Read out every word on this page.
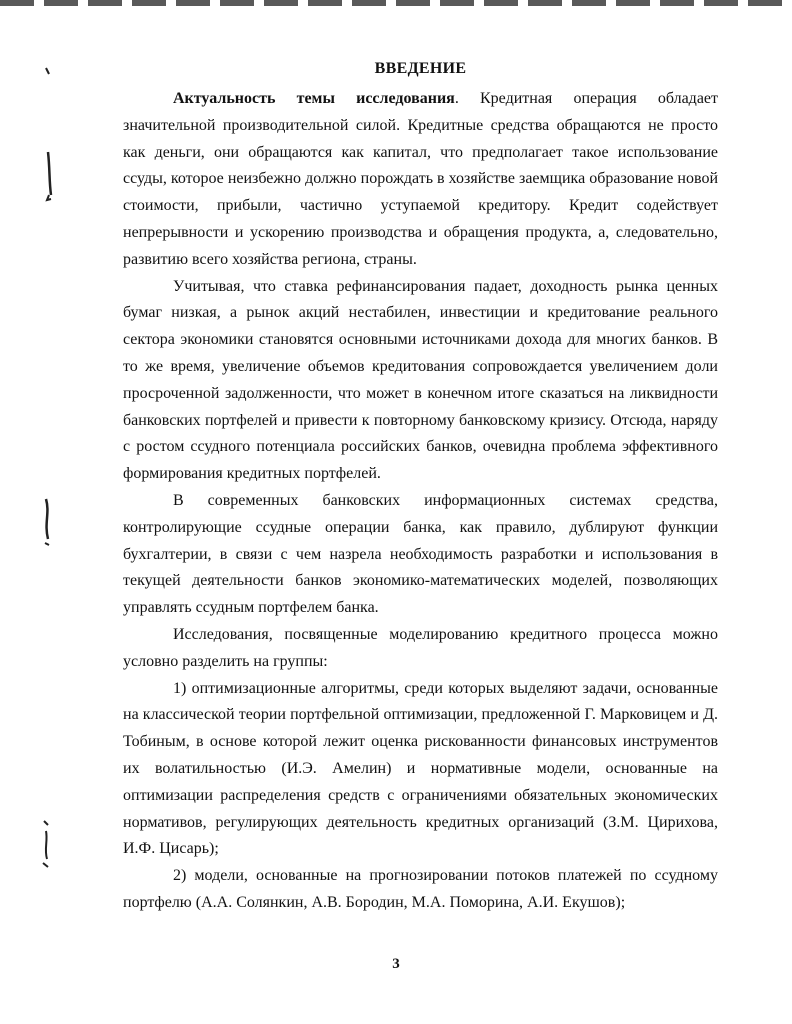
ВВЕДЕНИЕ

Актуальность темы исследования. Кредитная операция обладает значительной производительной силой. Кредитные средства обращаются не просто как деньги, они обращаются как капитал, что предполагает такое использование ссуды, которое неизбежно должно порождать в хозяйстве заемщика образование новой стоимости, прибыли, частично уступаемой кредитору. Кредит содействует непрерывности и ускорению производства и обращения продукта, а, следовательно, развитию всего хозяйства региона, страны.

Учитывая, что ставка рефинансирования падает, доходность рынка ценных бумаг низкая, а рынок акций нестабилен, инвестиции и кредитование реального сектора экономики становятся основными источниками дохода для многих банков. В то же время, увеличение объемов кредитования сопровождается увеличением доли просроченной задолженности, что может в конечном итоге сказаться на ликвидности банковских портфелей и привести к повторному банковскому кризису. Отсюда, наряду с ростом ссудного потенциала российских банков, очевидна проблема эффективного формирования кредитных портфелей.

В современных банковских информационных системах средства, контролирующие ссудные операции банка, как правило, дублируют функции бухгалтерии, в связи с чем назрела необходимость разработки и использования в текущей деятельности банков экономико-математических моделей, позволяющих управлять ссудным портфелем банка.

Исследования, посвященные моделированию кредитного процесса можно условно разделить на группы:

1) оптимизационные алгоритмы, среди которых выделяют задачи, основанные на классической теории портфельной оптимизации, предложенной Г. Марковицем и Д. Тобиным, в основе которой лежит оценка рискованности финансовых инструментов их волатильностью (И.Э. Амелин) и нормативные модели, основанные на оптимизации распределения средств с ограничениями обязательных экономических нормативов, регулирующих деятельность кредитных организаций (З.М. Цирихова, И.Ф. Цисарь);

2) модели, основанные на прогнозировании потоков платежей по ссудному портфелю (А.А. Солянкин, А.В. Бородин, М.А. Поморина, А.И. Екушов);

3
